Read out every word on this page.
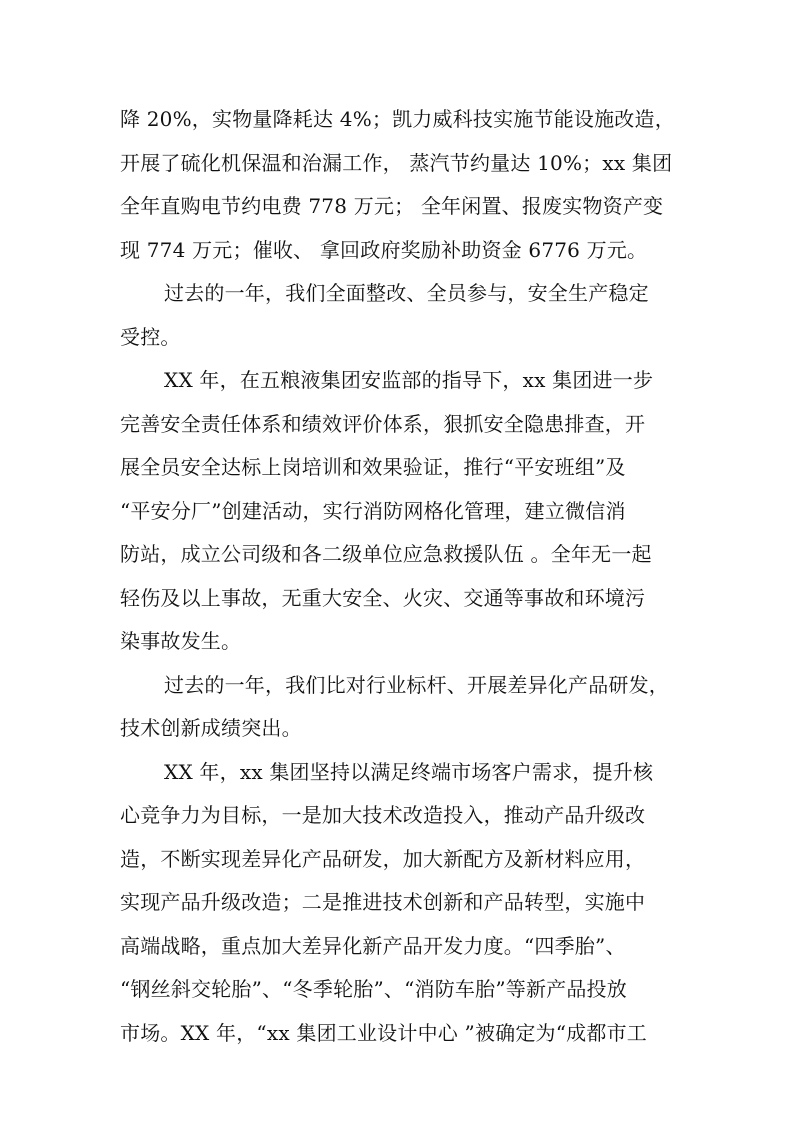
降 20%，实物量降耗达 4%；凯力威科技实施节能设施改造，
开展了硫化机保温和治漏工作， 蒸汽节约量达 10%；xx 集团
全年直购电节约电费 778 万元； 全年闲置、报废实物资产变
现 774 万元；催收、 拿回政府奖励补助资金 6776 万元。
过去的一年，我们全面整改、全员参与，安全生产稳定
受控。
XX 年，在五粮液集团安监部的指导下，xx 集团进一步
完善安全责任体系和绩效评价体系，狠抓安全隐患排查，开
展全员安全达标上岗培训和效果验证，推行“平安班组”及
“平安分厂”创建活动，实行消防网格化管理，建立微信消
防站，成立公司级和各二级单位应急救援队伍 。全年无一起
轻伤及以上事故，无重大安全、火灾、交通等事故和环境污
染事故发生。
过去的一年，我们比对行业标杆、开展差异化产品研发，
技术创新成绩突出。
XX 年，xx 集团坚持以满足终端市场客户需求，提升核
心竞争力为目标，一是加大技术改造投入，推动产品升级改
造，不断实现差异化产品研发，加大新配方及新材料应用，
实现产品升级改造；二是推进技术创新和产品转型，实施中
高端战略，重点加大差异化新产品开发力度。“四季胎”、
“钢丝斜交轮胎”、“冬季轮胎”、“消防车胎”等新产品投放
市场。XX 年，“xx 集团工业设计中心 ”被确定为“成都市工
